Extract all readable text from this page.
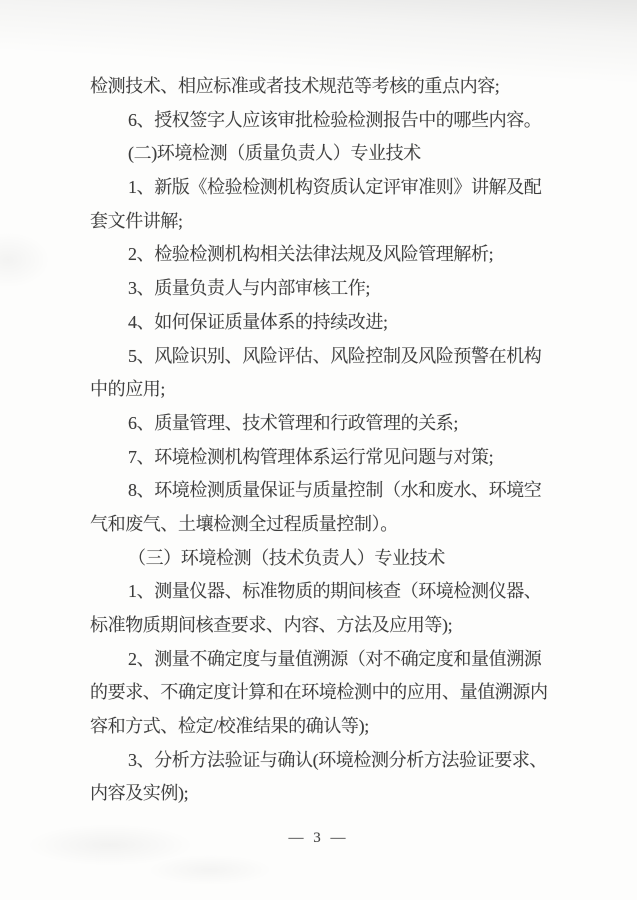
检测技术、相应标准或者技术规范等考核的重点内容;
6、授权签字人应该审批检验检测报告中的哪些内容。
(二)环境检测（质量负责人）专业技术
1、新版《检验检测机构资质认定评审准则》讲解及配
套文件讲解;
2、检验检测机构相关法律法规及风险管理解析;
3、质量负责人与内部审核工作;
4、如何保证质量体系的持续改进;
5、风险识别、风险评估、风险控制及风险预警在机构
中的应用;
6、质量管理、技术管理和行政管理的关系;
7、环境检测机构管理体系运行常见问题与对策;
8、环境检测质量保证与质量控制（水和废水、环境空
气和废气、土壤检测全过程质量控制）。
（三）环境检测（技术负责人）专业技术
1、测量仪器、标准物质的期间核查（环境检测仪器、
标准物质期间核查要求、内容、方法及应用等);
2、测量不确定度与量值溯源（对不确定度和量值溯源
的要求、不确定度计算和在环境检测中的应用、量值溯源内
容和方式、检定/校准结果的确认等);
3、分析方法验证与确认(环境检测分析方法验证要求、
内容及实例);
— 3 —
